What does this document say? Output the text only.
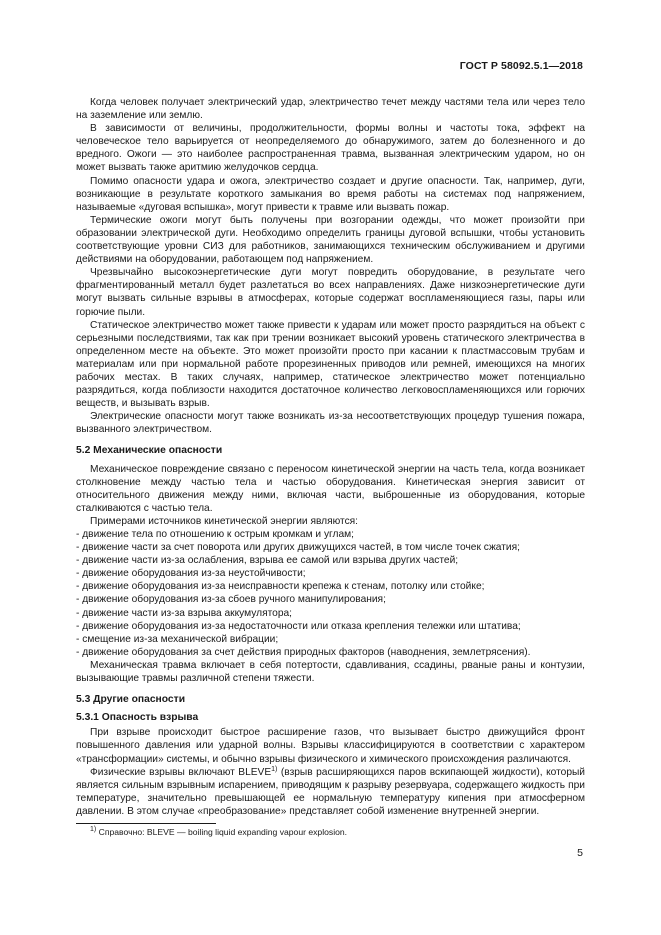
ГОСТ Р 58092.5.1—2018

Когда человек получает электрический удар, электричество течет между частями тела или через тело на заземление или землю.

В зависимости от величины, продолжительности, формы волны и частоты тока, эффект на человеческое тело варьируется от неопределяемого до обнаружимого, затем до болезненного и до вредного. Ожоги — это наиболее распространенная травма, вызванная электрическим ударом, но он может вызвать также аритмию желудочков сердца.

Помимо опасности удара и ожога, электричество создает и другие опасности. Так, например, дуги, возникающие в результате короткого замыкания во время работы на системах под напряжением, называемые «дуговая вспышка», могут привести к травме или вызвать пожар.

Термические ожоги могут быть получены при возгорании одежды, что может произойти при образовании электрической дуги. Необходимо определить границы дуговой вспышки, чтобы установить соответствующие уровни СИЗ для работников, занимающихся техническим обслуживанием и другими действиями на оборудовании, работающем под напряжением.

Чрезвычайно высокоэнергетические дуги могут повредить оборудование, в результате чего фрагментированный металл будет разлетаться во всех направлениях. Даже низкоэнергетические дуги могут вызвать сильные взрывы в атмосферах, которые содержат воспламеняющиеся газы, пары или горючие пыли.

Статическое электричество может также привести к ударам или может просто разрядиться на объект с серьезными последствиями, так как при трении возникает высокий уровень статического электричества в определенном месте на объекте. Это может произойти просто при касании к пластмассовым трубам и материалам или при нормальной работе прорезиненных приводов или ремней, имеющихся на многих рабочих местах. В таких случаях, например, статическое электричество может потенциально разрядиться, когда поблизости находится достаточное количество легковоспламеняющихся или горючих веществ, и вызывать взрыв.

Электрические опасности могут также возникать из-за несоответствующих процедур тушения пожара, вызванного электричеством.

5.2 Механические опасности

Механическое повреждение связано с переносом кинетической энергии на часть тела, когда возникает столкновение между частью тела и частью оборудования. Кинетическая энергия зависит от относительного движения между ними, включая части, выброшенные из оборудования, которые сталкиваются с частью тела.

Примерами источников кинетической энергии являются:

- движение тела по отношению к острым кромкам и углам;

- движение части за счет поворота или других движущихся частей, в том числе точек сжатия;

- движение части из-за ослабления, взрыва ее самой или взрыва других частей;

- движение оборудования из-за неустойчивости;

- движение оборудования из-за неисправности крепежа к стенам, потолку или стойке;

- движение оборудования из-за сбоев ручного манипулирования;

- движение части из-за взрыва аккумулятора;

- движение оборудования из-за недостаточности или отказа крепления тележки или штатива;

- смещение из-за механической вибрации;

- движение оборудования за счет действия природных факторов (наводнения, землетрясения).

Механическая травма включает в себя потертости, сдавливания, ссадины, рваные раны и контузии, вызывающие травмы различной степени тяжести.

5.3 Другие опасности
5.3.1 Опасность взрыва

При взрыве происходит быстрое расширение газов, что вызывает быстро движущийся фронт повышенного давления или ударной волны. Взрывы классифицируются в соответствии с характером «трансформации» системы, и обычно взрывы физического и химического происхождения различаются.

Физические взрывы включают BLEVE$^{1)}$ (взрыв расширяющихся паров вскипающей жидкости), который является сильным взрывным испарением, приводящим к разрыву резервуара, содержащего жидкость при температуре, значительно превышающей ее нормальную температуру кипения при атмосферном давлении. В этом случае «преобразование» представляет собой изменение внутренней энергии.

$^{1)}$ Справочно: BLEVE — boiling liquid expanding vapour explosion.
5
